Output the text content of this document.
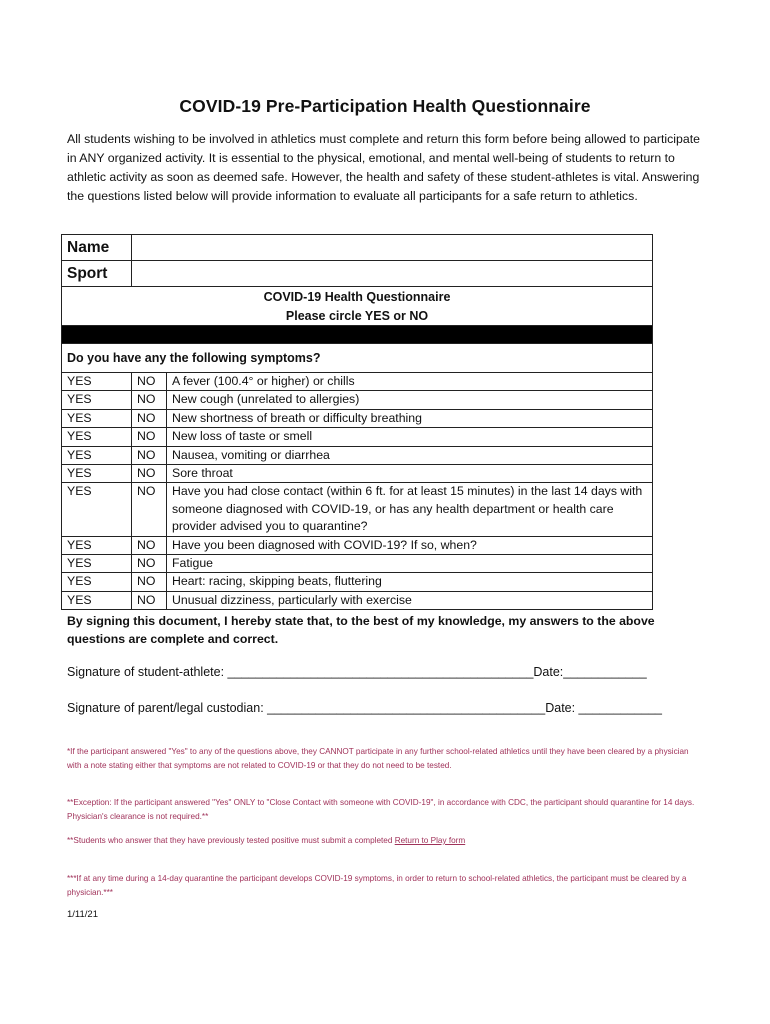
COVID-19 Pre-Participation Health Questionnaire
All students wishing to be involved in athletics must complete and return this form before being allowed to participate in ANY organized activity. It is essential to the physical, emotional, and mental well-being of students to return to athletic activity as soon as deemed safe. However, the health and safety of these student-athletes is vital. Answering the questions listed below will provide information to evaluate all participants for a safe return to athletics.
Name		
Sport		

COVID-19 Health Questionnaire
Please circle YES or NO		

Do you have any the following symptoms?		
YES	NO	A fever (100.4° or higher) or chills
YES	NO	New cough (unrelated to allergies)
YES	NO	New shortness of breath or difficulty breathing
YES	NO	New loss of taste or smell
YES	NO	Nausea, vomiting or diarrhea
YES	NO	Sore throat
YES	NO	Have you had close contact (within 6 ft. for at least 15 minutes) in the last 14 days with someone diagnosed with COVID-19, or has any health department or health care provider advised you to quarantine?
YES	NO	Have you been diagnosed with COVID-19? If so, when?
YES	NO	Fatigue
YES	NO	Heart: racing, skipping beats, fluttering
YES	NO	Unusual dizziness, particularly with exercise
By signing this document, I hereby state that, to the best of my knowledge, my answers to the above questions are complete and correct.
Signature of student-athlete: ____________________________________________Date:____________
Signature of parent/legal custodian: ________________________________________Date: ____________
*If the participant answered "Yes" to any of the questions above, they CANNOT participate in any further school-related athletics until they have been cleared by a physician with a note stating either that symptoms are not related to COVID-19 or that they do not need to be tested.
**Exception: If the participant answered "Yes" ONLY to "Close Contact with someone with COVID-19", in accordance with CDC, the participant should quarantine for 14 days. Physician's clearance is not required.**
**Students who answer that they have previously tested positive must submit a completed Return to Play form
***If at any time during a 14-day quarantine the participant develops COVID-19 symptoms, in order to return to school-related athletics, the participant must be cleared by a physician.***
1/11/21
